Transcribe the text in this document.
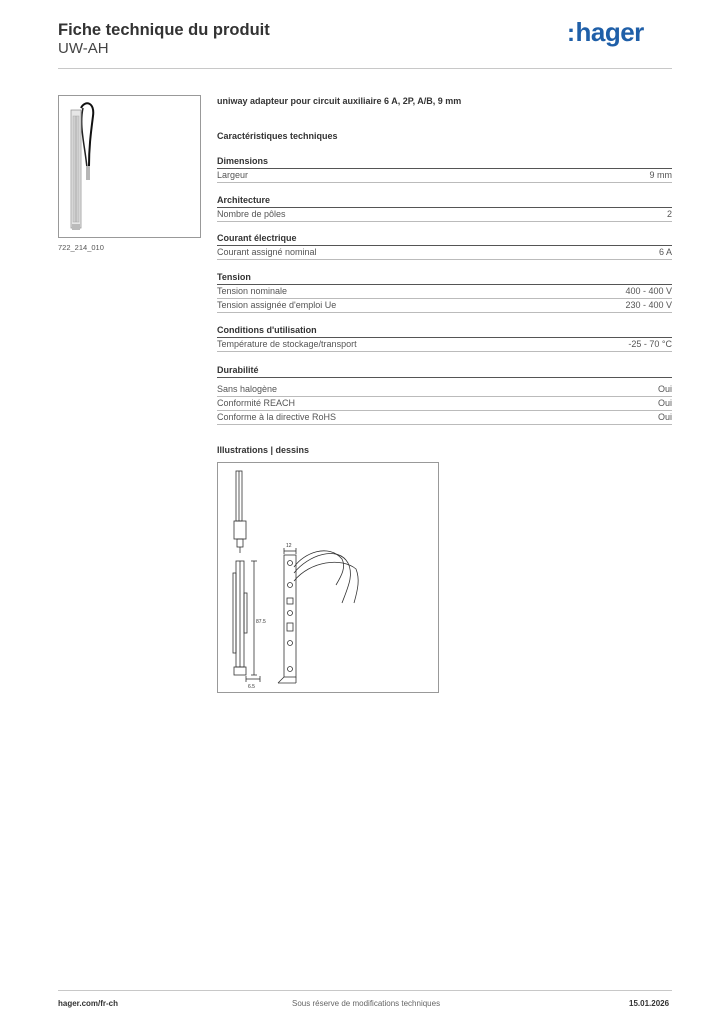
Fiche technique du produit
UW-AH
:hager
722_214_010
uniway adapteur pour circuit auxiliaire 6 A, 2P, A/B, 9 mm
Caractéristiques techniques
Dimensions
Largeur	9 mm
Architecture
Nombre de pôles	2
Courant électrique
Courant assigné nominal	6 A
Tension
Tension nominale	400 - 400 V
Tension assignée d'emploi Ue	230 - 400 V
Conditions d'utilisation
Température de stockage/transport	-25 - 70 °C
Durabilité
Sans halogène	Oui
Conformité REACH	Oui
Conforme à la directive RoHS	Oui
Illustrations | dessins
12
87.5
6.5
hager.com/fr-ch	Sous réserve de modifications techniques	15.01.2026
